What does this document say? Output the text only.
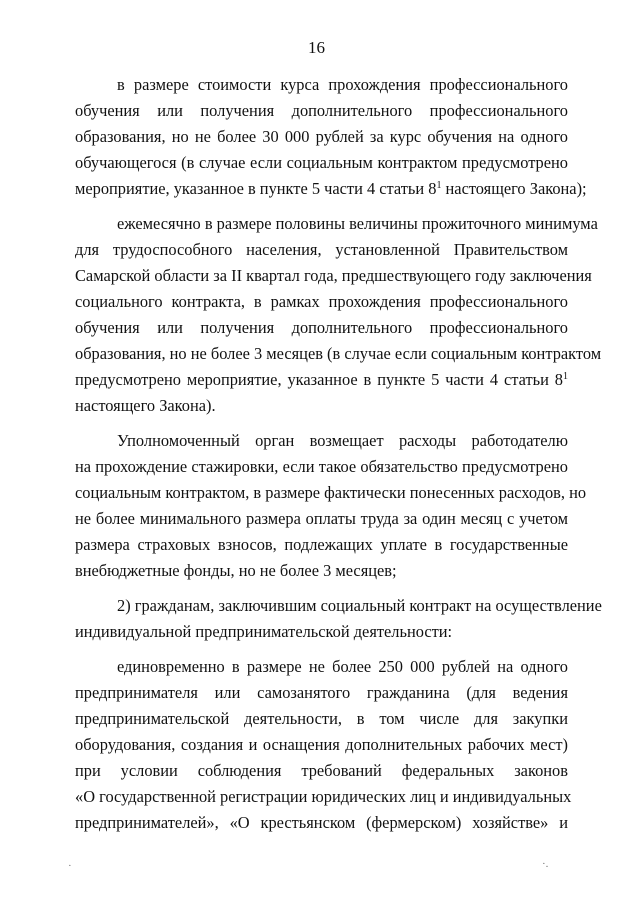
16
в размере стоимости курса прохождения профессионального
обучения или получения дополнительного профессионального
образования, но не более 30 000 рублей за курс обучения на одного
обучающегося (в случае если социальным контрактом предусмотрено
мероприятие, указанное в пункте 5 части 4 статьи $8^1$ настоящего Закона);
ежемесячно в размере половины величины прожиточного минимума
для трудоспособного населения, установленной Правительством
Самарской области за II квартал года, предшествующего году заключения
социального контракта, в рамках прохождения профессионального
обучения или получения дополнительного профессионального
образования, но не более 3 месяцев (в случае если социальным контрактом
предусмотрено мероприятие, указанное в пункте 5 части 4 статьи $8^1$
настоящего Закона).
Уполномоченный орган возмещает расходы работодателю
на прохождение стажировки, если такое обязательство предусмотрено
социальным контрактом, в размере фактически понесенных расходов, но
не более минимального размера оплаты труда за один месяц с учетом
размера страховых взносов, подлежащих уплате в государственные
внебюджетные фонды, но не более 3 месяцев;
2) гражданам, заключившим социальный контракт на осуществление
индивидуальной предпринимательской деятельности:
единовременно в размере не более 250 000 рублей на одного
предпринимателя или самозанятого гражданина (для ведения
предпринимательской деятельности, в том числе для закупки
оборудования, создания и оснащения дополнительных рабочих мест)
при условии соблюдения требований федеральных законов
«О государственной регистрации юридических лиц и индивидуальных
предпринимателей», «О крестьянском (фермерском) хозяйстве» и
·	·.
